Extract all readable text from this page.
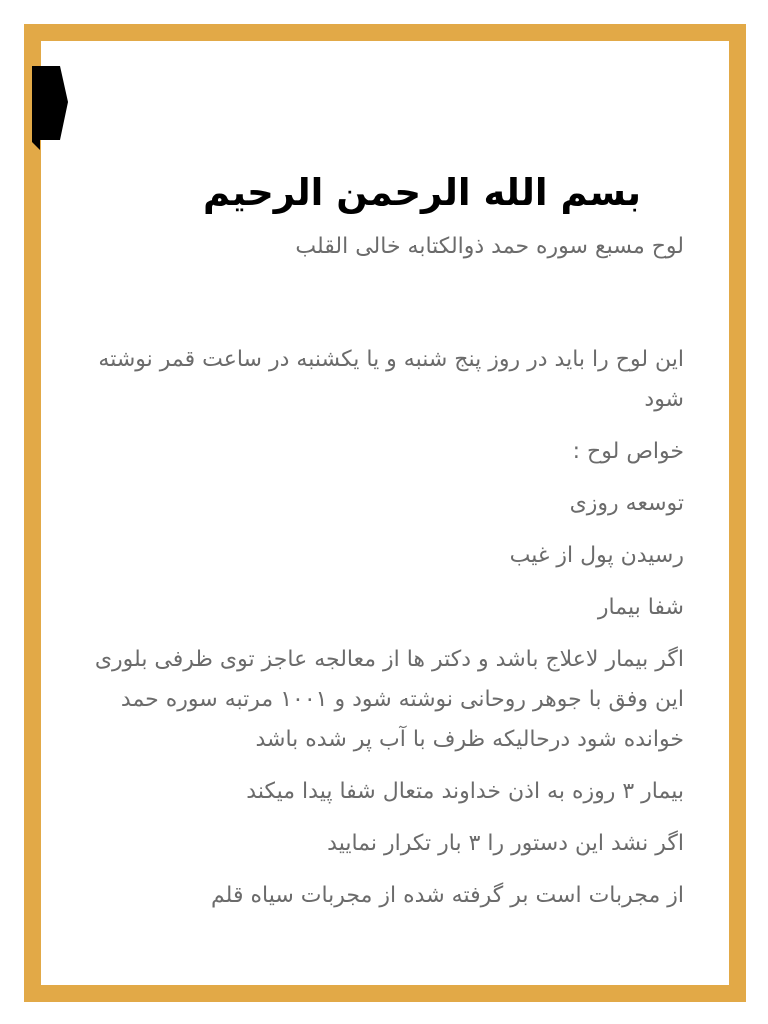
بسم الله الرحمن الرحیم

لوح مسبع سوره حمد ذوالکتابه خالی القلب

این لوح را باید در روز پنج شنبه و یا یکشنبه در ساعت قمر نوشته شود

خواص لوح :

توسعه روزی

رسیدن پول از غیب

شفا بیمار

اگر بیمار لاعلاج باشد و دکتر ها از معالجه عاجز توی ظرفی بلوری این وفق با جوهر روحانی نوشته شود و ۱۰۰۱ مرتبه سوره حمد خوانده شود درحالیکه ظرف با آب پر شده باشد

بیمار ۳ روزه به اذن خداوند متعال شفا پیدا میکند

اگر نشد این دستور را ۳ بار تکرار نمایید

از مجربات است بر گرفته شده از مجربات سیاه قلم
